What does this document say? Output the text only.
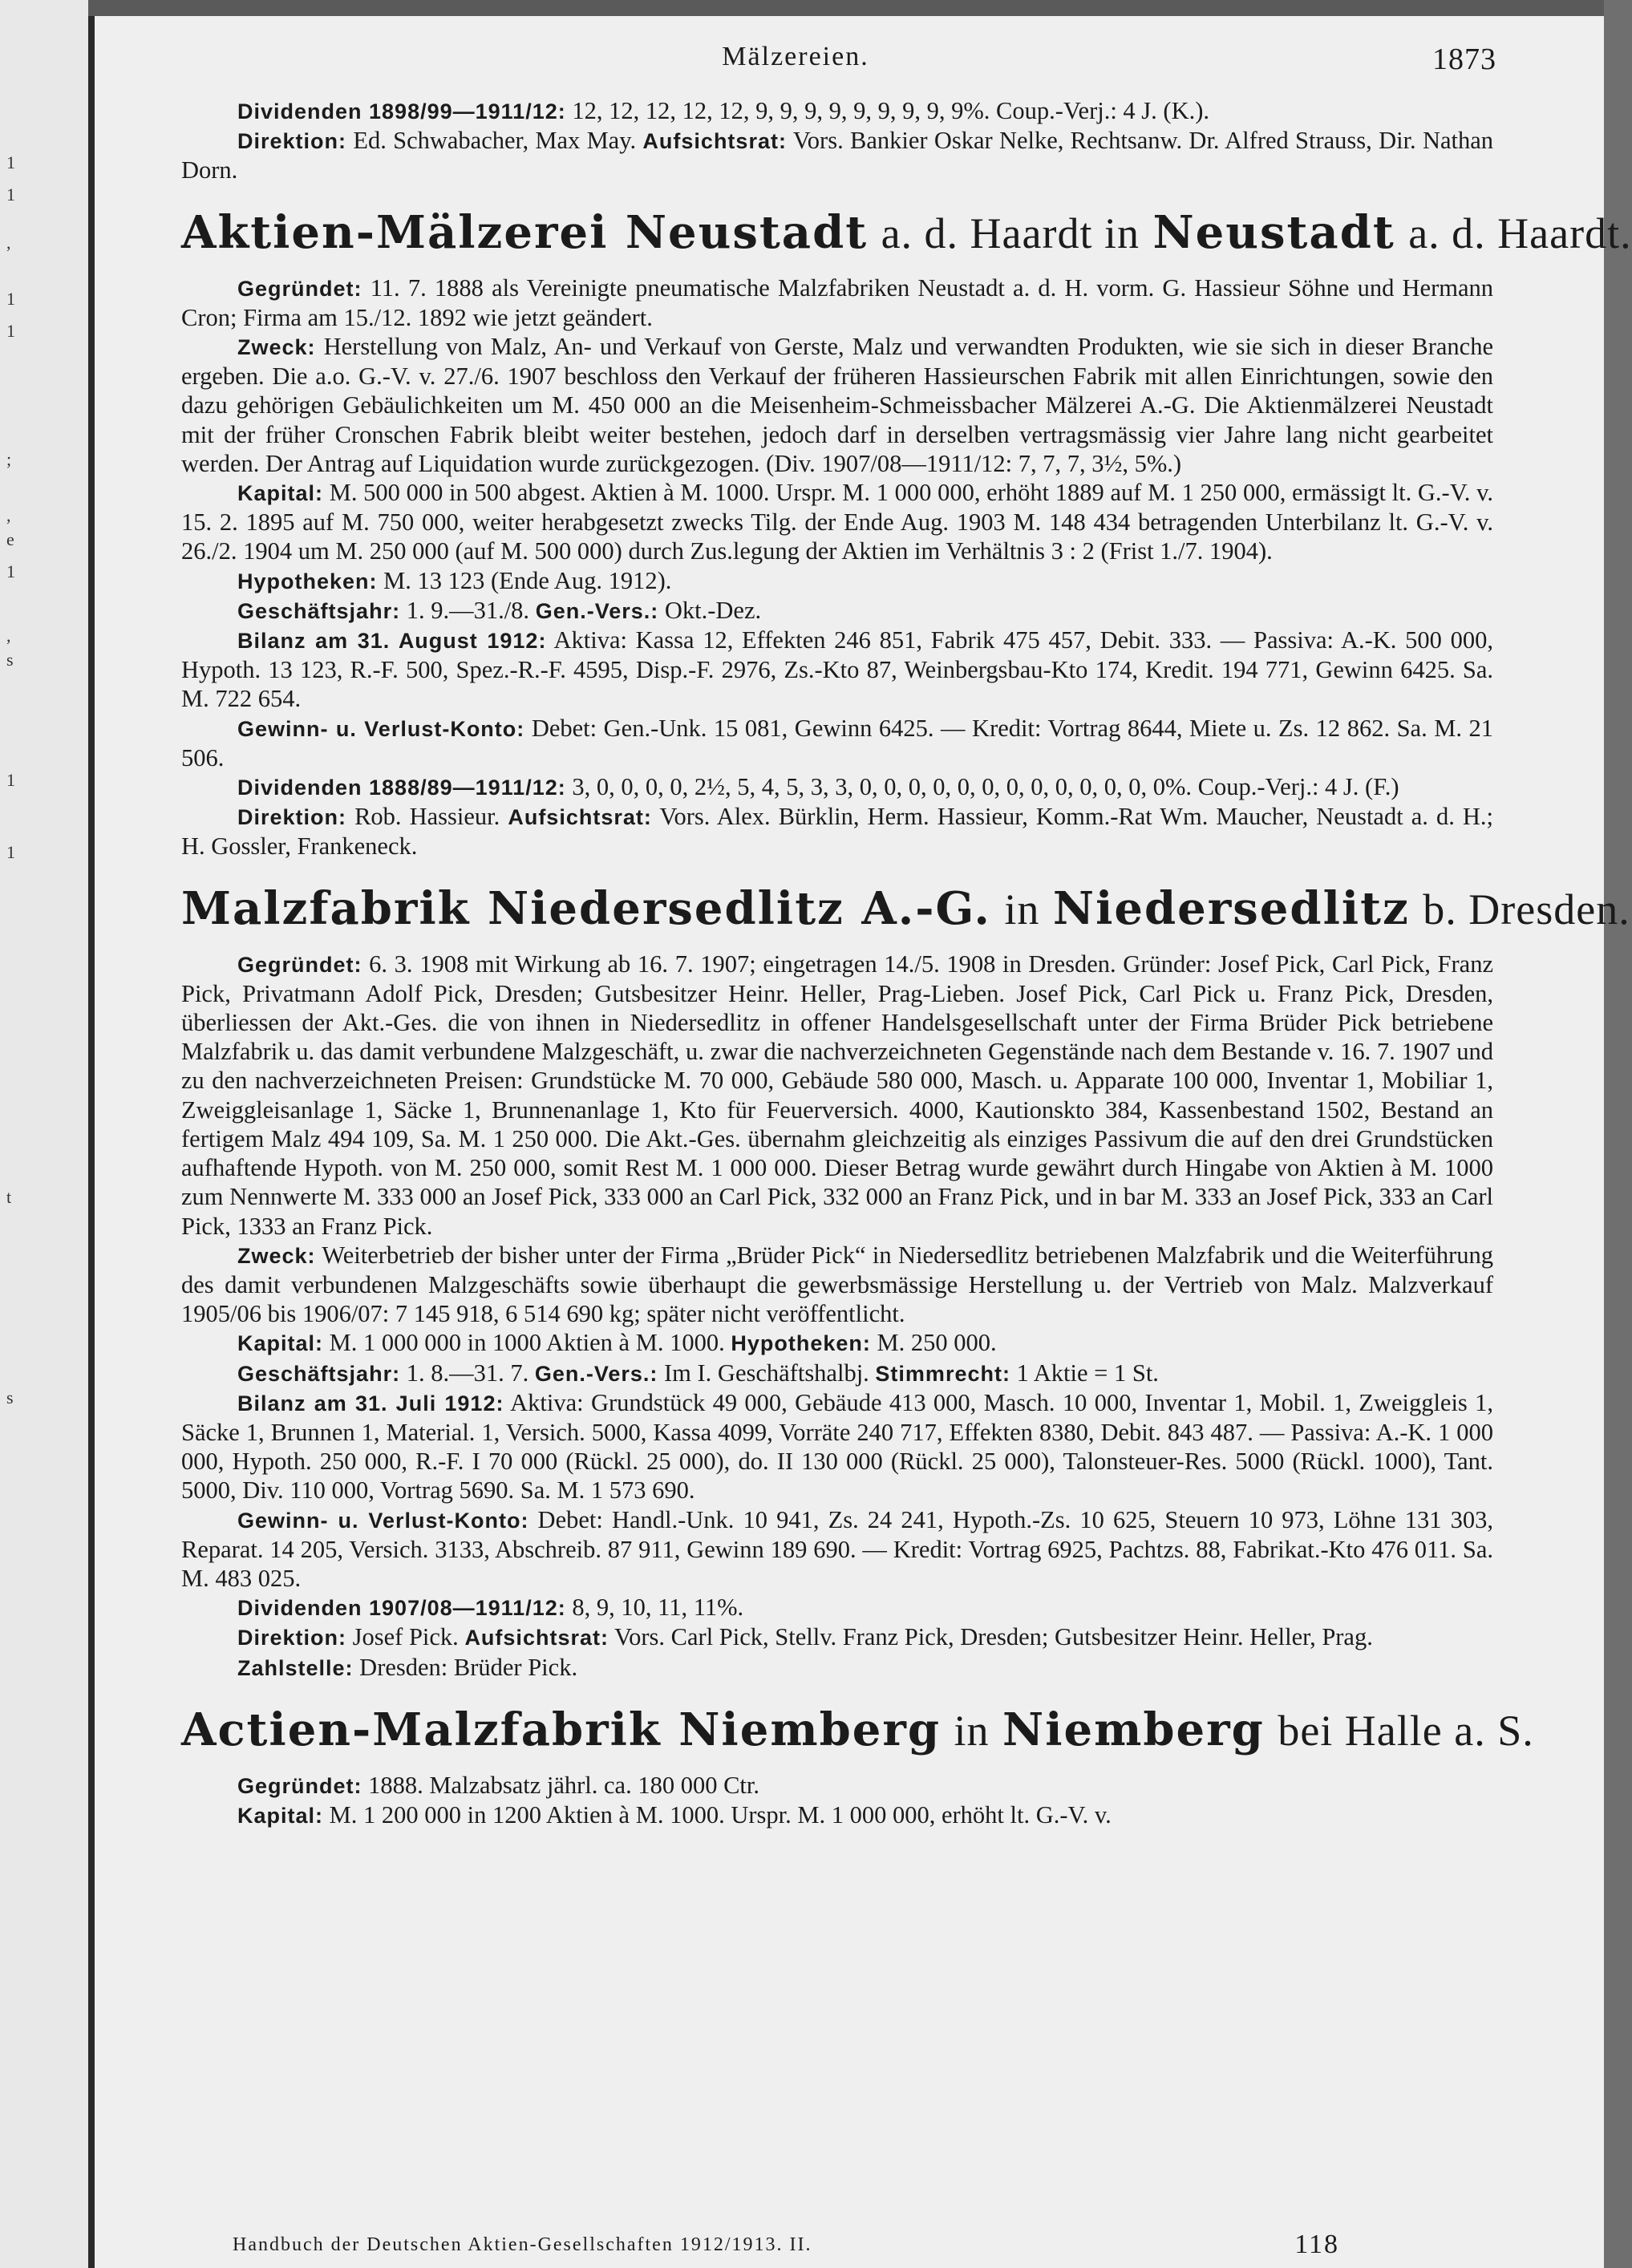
1
1
,
1
1
;
,
e
1
,
s
1
1
t
s
Mälzereien.	1873

Dividenden 1898/99—1911/12: 12, 12, 12, 12, 12, 9, 9, 9, 9, 9, 9, 9, 9, 9%. Coup.-Verj.: 4 J. (K.).

Direktion: Ed. Schwabacher, Max May. Aufsichtsrat: Vors. Bankier Oskar Nelke, Rechtsanw. Dr. Alfred Strauss, Dir. Nathan Dorn.

Aktien-Mälzerei Neustadt a. d. Haardt in Neustadt a. d. Haardt.

Gegründet: 11. 7. 1888 als Vereinigte pneumatische Malzfabriken Neustadt a. d. H. vorm. G. Hassieur Söhne und Hermann Cron; Firma am 15./12. 1892 wie jetzt geändert.

Zweck: Herstellung von Malz, An- und Verkauf von Gerste, Malz und verwandten Produkten, wie sie sich in dieser Branche ergeben. Die a.o. G.-V. v. 27./6. 1907 beschloss den Verkauf der früheren Hassieurschen Fabrik mit allen Einrichtungen, sowie den dazu gehörigen Gebäulichkeiten um M. 450 000 an die Meisenheim-Schmeissbacher Mälzerei A.-G. Die Aktienmälzerei Neustadt mit der früher Cronschen Fabrik bleibt weiter bestehen, jedoch darf in derselben vertragsmässig vier Jahre lang nicht gearbeitet werden. Der Antrag auf Liquidation wurde zurückgezogen. (Div. 1907/08—1911/12: 7, 7, 7, 3½, 5%.)

Kapital: M. 500 000 in 500 abgest. Aktien à M. 1000. Urspr. M. 1 000 000, erhöht 1889 auf M. 1 250 000, ermässigt lt. G.-V. v. 15. 2. 1895 auf M. 750 000, weiter herabgesetzt zwecks Tilg. der Ende Aug. 1903 M. 148 434 betragenden Unterbilanz lt. G.-V. v. 26./2. 1904 um M. 250 000 (auf M. 500 000) durch Zus.legung der Aktien im Verhältnis 3 : 2 (Frist 1./7. 1904).

Hypotheken: M. 13 123 (Ende Aug. 1912).

Geschäftsjahr: 1. 9.—31./8. Gen.-Vers.: Okt.-Dez.

Bilanz am 31. August 1912: Aktiva: Kassa 12, Effekten 246 851, Fabrik 475 457, Debit. 333. — Passiva: A.-K. 500 000, Hypoth. 13 123, R.-F. 500, Spez.-R.-F. 4595, Disp.-F. 2976, Zs.-Kto 87, Weinbergsbau-Kto 174, Kredit. 194 771, Gewinn 6425. Sa. M. 722 654.

Gewinn- u. Verlust-Konto: Debet: Gen.-Unk. 15 081, Gewinn 6425. — Kredit: Vortrag 8644, Miete u. Zs. 12 862. Sa. M. 21 506.

Dividenden 1888/89—1911/12: 3, 0, 0, 0, 0, 2½, 5, 4, 5, 3, 3, 0, 0, 0, 0, 0, 0, 0, 0, 0, 0, 0, 0, 0%. Coup.-Verj.: 4 J. (F.)

Direktion: Rob. Hassieur. Aufsichtsrat: Vors. Alex. Bürklin, Herm. Hassieur, Komm.-Rat Wm. Maucher, Neustadt a. d. H.; H. Gossler, Frankeneck.

Malzfabrik Niedersedlitz A.-G. in Niedersedlitz b. Dresden.

Gegründet: 6. 3. 1908 mit Wirkung ab 16. 7. 1907; eingetragen 14./5. 1908 in Dresden. Gründer: Josef Pick, Carl Pick, Franz Pick, Privatmann Adolf Pick, Dresden; Gutsbesitzer Heinr. Heller, Prag-Lieben. Josef Pick, Carl Pick u. Franz Pick, Dresden, überliessen der Akt.-Ges. die von ihnen in Niedersedlitz in offener Handelsgesellschaft unter der Firma Brüder Pick betriebene Malzfabrik u. das damit verbundene Malzgeschäft, u. zwar die nachverzeichneten Gegenstände nach dem Bestande v. 16. 7. 1907 und zu den nachverzeichneten Preisen: Grundstücke M. 70 000, Gebäude 580 000, Masch. u. Apparate 100 000, Inventar 1, Mobiliar 1, Zweiggleisanlage 1, Säcke 1, Brunnenanlage 1, Kto für Feuerversich. 4000, Kautionskto 384, Kassenbestand 1502, Bestand an fertigem Malz 494 109, Sa. M. 1 250 000. Die Akt.-Ges. übernahm gleichzeitig als einziges Passivum die auf den drei Grundstücken aufhaftende Hypoth. von M. 250 000, somit Rest M. 1 000 000. Dieser Betrag wurde gewährt durch Hingabe von Aktien à M. 1000 zum Nennwerte M. 333 000 an Josef Pick, 333 000 an Carl Pick, 332 000 an Franz Pick, und in bar M. 333 an Josef Pick, 333 an Carl Pick, 1333 an Franz Pick.

Zweck: Weiterbetrieb der bisher unter der Firma „Brüder Pick“ in Niedersedlitz betriebenen Malzfabrik und die Weiterführung des damit verbundenen Malzgeschäfts sowie überhaupt die gewerbsmässige Herstellung u. der Vertrieb von Malz. Malzverkauf 1905/06 bis 1906/07: 7 145 918, 6 514 690 kg; später nicht veröffentlicht.

Kapital: M. 1 000 000 in 1000 Aktien à M. 1000. Hypotheken: M. 250 000.

Geschäftsjahr: 1. 8.—31. 7. Gen.-Vers.: Im I. Geschäftshalbj. Stimmrecht: 1 Aktie = 1 St.

Bilanz am 31. Juli 1912: Aktiva: Grundstück 49 000, Gebäude 413 000, Masch. 10 000, Inventar 1, Mobil. 1, Zweiggleis 1, Säcke 1, Brunnen 1, Material. 1, Versich. 5000, Kassa 4099, Vorräte 240 717, Effekten 8380, Debit. 843 487. — Passiva: A.-K. 1 000 000, Hypoth. 250 000, R.-F. I 70 000 (Rückl. 25 000), do. II 130 000 (Rückl. 25 000), Talonsteuer-Res. 5000 (Rückl. 1000), Tant. 5000, Div. 110 000, Vortrag 5690. Sa. M. 1 573 690.

Gewinn- u. Verlust-Konto: Debet: Handl.-Unk. 10 941, Zs. 24 241, Hypoth.-Zs. 10 625, Steuern 10 973, Löhne 131 303, Reparat. 14 205, Versich. 3133, Abschreib. 87 911, Gewinn 189 690. — Kredit: Vortrag 6925, Pachtzs. 88, Fabrikat.-Kto 476 011. Sa. M. 483 025.

Dividenden 1907/08—1911/12: 8, 9, 10, 11, 11%.

Direktion: Josef Pick. Aufsichtsrat: Vors. Carl Pick, Stellv. Franz Pick, Dresden; Gutsbesitzer Heinr. Heller, Prag.

Zahlstelle: Dresden: Brüder Pick.

Actien-Malzfabrik Niemberg in Niemberg bei Halle a. S.

Gegründet: 1888. Malzabsatz jährl. ca. 180 000 Ctr.

Kapital: M. 1 200 000 in 1200 Aktien à M. 1000. Urspr. M. 1 000 000, erhöht lt. G.-V. v.

Handbuch der Deutschen Aktien-Gesellschaften 1912/1913. II.	118
